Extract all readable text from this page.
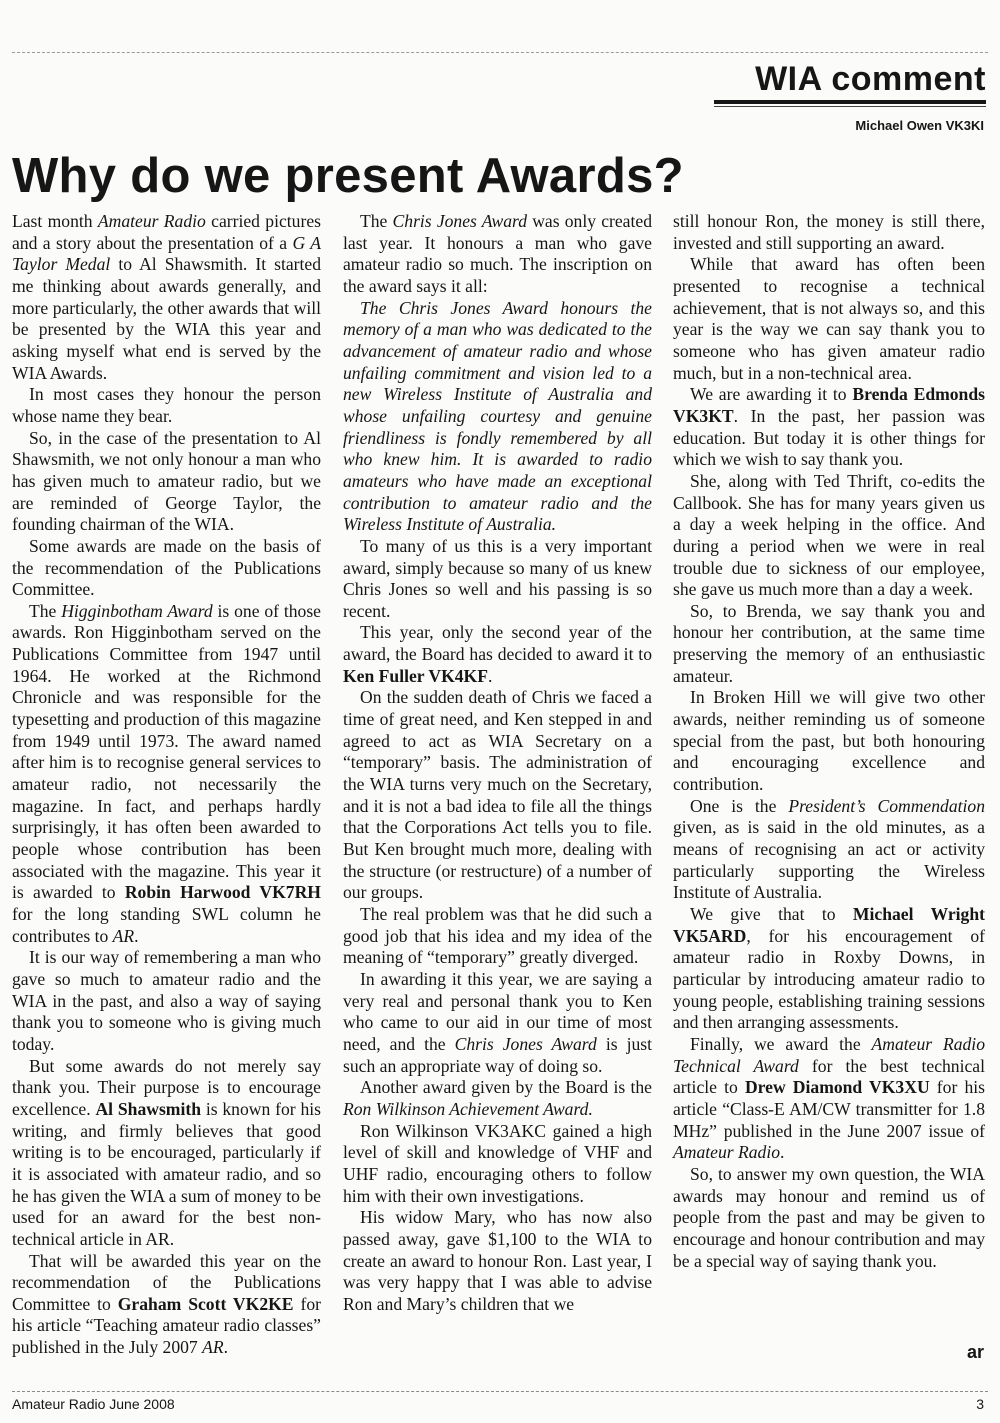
WIA comment
Michael Owen VK3KI
Why do we present Awards?

Last month Amateur Radio carried pictures and a story about the presentation of a G A Taylor Medal to Al Shawsmith. It started me thinking about awards generally, and more particularly, the other awards that will be presented by the WIA this year and asking myself what end is served by the WIA Awards.

In most cases they honour the person whose name they bear.

So, in the case of the presentation to Al Shawsmith, we not only honour a man who has given much to amateur radio, but we are reminded of George Taylor, the founding chairman of the WIA.

Some awards are made on the basis of the recommendation of the Publications Committee.

The Higginbotham Award is one of those awards. Ron Higginbotham served on the Publications Committee from 1947 until 1964. He worked at the Richmond Chronicle and was responsible for the typesetting and production of this magazine from 1949 until 1973. The award named after him is to recognise general services to amateur radio, not necessarily the magazine. In fact, and perhaps hardly surprisingly, it has often been awarded to people whose contribution has been associated with the magazine. This year it is awarded to Robin Harwood VK7RH for the long standing SWL column he contributes to AR.

It is our way of remembering a man who gave so much to amateur radio and the WIA in the past, and also a way of saying thank you to someone who is giving much today.

But some awards do not merely say thank you. Their purpose is to encourage excellence. Al Shawsmith is known for his writing, and firmly believes that good writing is to be encouraged, particularly if it is associated with amateur radio, and so he has given the WIA a sum of money to be used for an award for the best non-technical article in AR.

That will be awarded this year on the recommendation of the Publications Committee to Graham Scott VK2KE for his article “Teaching amateur radio classes” published in the July 2007 AR.

The Chris Jones Award was only created last year. It honours a man who gave amateur radio so much. The inscription on the award says it all:

The Chris Jones Award honours the memory of a man who was dedicated to the advancement of amateur radio and whose unfailing commitment and vision led to a new Wireless Institute of Australia and whose unfailing courtesy and genuine friendliness is fondly remembered by all who knew him. It is awarded to radio amateurs who have made an exceptional contribution to amateur radio and the Wireless Institute of Australia.

To many of us this is a very important award, simply because so many of us knew Chris Jones so well and his passing is so recent.

This year, only the second year of the award, the Board has decided to award it to Ken Fuller VK4KF.

On the sudden death of Chris we faced a time of great need, and Ken stepped in and agreed to act as WIA Secretary on a “temporary” basis. The administration of the WIA turns very much on the Secretary, and it is not a bad idea to file all the things that the Corporations Act tells you to file. But Ken brought much more, dealing with the structure (or restructure) of a number of our groups.

The real problem was that he did such a good job that his idea and my idea of the meaning of “temporary” greatly diverged.

In awarding it this year, we are saying a very real and personal thank you to Ken who came to our aid in our time of most need, and the Chris Jones Award is just such an appropriate way of doing so.

Another award given by the Board is the Ron Wilkinson Achievement Award.

Ron Wilkinson VK3AKC gained a high level of skill and knowledge of VHF and UHF radio, encouraging others to follow him with their own investigations.

His widow Mary, who has now also passed away, gave $1,100 to the WIA to create an award to honour Ron. Last year, I was very happy that I was able to advise Ron and Mary’s children that we

still honour Ron, the money is still there, invested and still supporting an award.

While that award has often been presented to recognise a technical achievement, that is not always so, and this year is the way we can say thank you to someone who has given amateur radio much, but in a non-technical area.

We are awarding it to Brenda Edmonds VK3KT. In the past, her passion was education. But today it is other things for which we wish to say thank you.

She, along with Ted Thrift, co-edits the Callbook. She has for many years given us a day a week helping in the office. And during a period when we were in real trouble due to sickness of our employee, she gave us much more than a day a week.

So, to Brenda, we say thank you and honour her contribution, at the same time preserving the memory of an enthusiastic amateur.

In Broken Hill we will give two other awards, neither reminding us of someone special from the past, but both honouring and encouraging excellence and contribution.

One is the President’s Commendation given, as is said in the old minutes, as a means of recognising an act or activity particularly supporting the Wireless Institute of Australia.

We give that to Michael Wright VK5ARD, for his encouragement of amateur radio in Roxby Downs, in particular by introducing amateur radio to young people, establishing training sessions and then arranging assessments.

Finally, we award the Amateur Radio Technical Award for the best technical article to Drew Diamond VK3XU for his article “Class-E AM/CW transmitter for 1.8 MHz” published in the June 2007 issue of Amateur Radio.

So, to answer my own question, the WIA awards may honour and remind us of people from the past and may be given to encourage and honour contribution and may be a special way of saying thank you.

ar
Amateur Radio June 2008	3
